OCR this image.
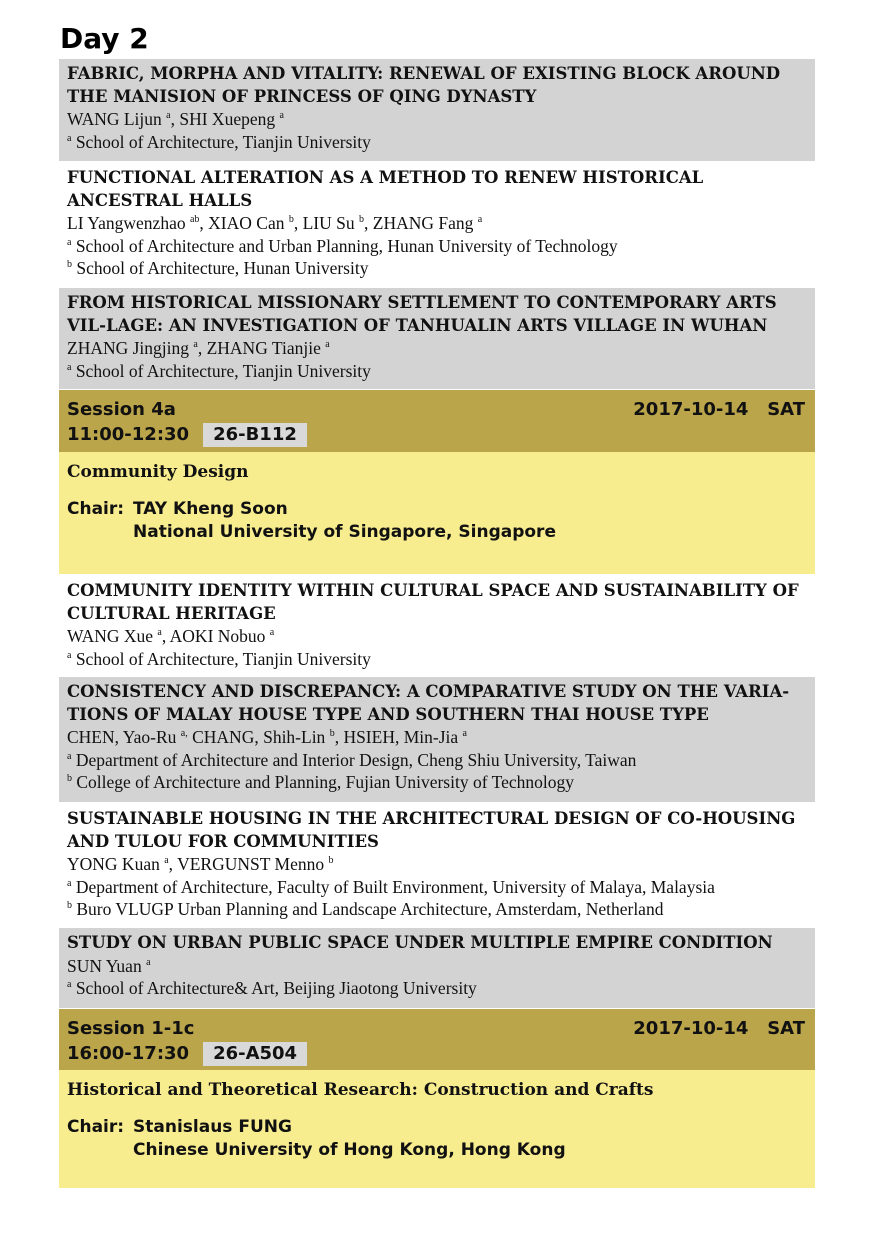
Day 2
FABRIC, MORPHA AND VITALITY: RENEWAL OF EXISTING BLOCK AROUND THE MANISION OF PRINCESS OF QING DYNASTY
WANG Lijun $^a$, SHI Xuepeng $^a$
$^a$ School of Architecture, Tianjin University
FUNCTIONAL ALTERATION AS A METHOD TO RENEW HISTORICAL ANCESTRAL HALLS
LI Yangwenzhao $^{ab}$, XIAO Can $^b$, LIU Su $^b$, ZHANG Fang $^a$
$^a$ School of Architecture and Urban Planning, Hunan University of Technology
$^b$ School of Architecture, Hunan University
FROM HISTORICAL MISSIONARY SETTLEMENT TO CONTEMPORARY ARTS VIL-LAGE: AN INVESTIGATION OF TANHUALIN ARTS VILLAGE IN WUHAN
ZHANG Jingjing $^a$, ZHANG Tianjie $^a$
$^a$ School of Architecture, Tianjin University
Session 4a	2017-10-14 SAT
11:00-12:30 26-B112
Community Design
Chair: TAY Kheng Soon
National University of Singapore, Singapore
COMMUNITY IDENTITY WITHIN CULTURAL SPACE AND SUSTAINABILITY OF CULTURAL HERITAGE
WANG Xue $^a$, AOKI Nobuo $^a$
$^a$ School of Architecture, Tianjin University
CONSISTENCY AND DISCREPANCY: A COMPARATIVE STUDY ON THE VARIA-TIONS OF MALAY HOUSE TYPE AND SOUTHERN THAI HOUSE TYPE
CHEN, Yao-Ru $^{a,}$ CHANG, Shih-Lin $^b$, HSIEH, Min-Jia $^a$
$^a$ Department of Architecture and Interior Design, Cheng Shiu University, Taiwan
$^b$ College of Architecture and Planning, Fujian University of Technology
SUSTAINABLE HOUSING IN THE ARCHITECTURAL DESIGN OF CO-HOUSING AND TULOU FOR COMMUNITIES
YONG Kuan $^a$, VERGUNST Menno $^b$
$^a$ Department of Architecture, Faculty of Built Environment, University of Malaya, Malaysia
$^b$ Buro VLUGP Urban Planning and Landscape Architecture, Amsterdam, Netherland
STUDY ON URBAN PUBLIC SPACE UNDER MULTIPLE EMPIRE CONDITION
SUN Yuan $^a$
$^a$ School of Architecture& Art, Beijing Jiaotong University
Session 1-1c	2017-10-14 SAT
16:00-17:30 26-A504
Historical and Theoretical Research: Construction and Crafts
Chair: Stanislaus FUNG
Chinese University of Hong Kong, Hong Kong
